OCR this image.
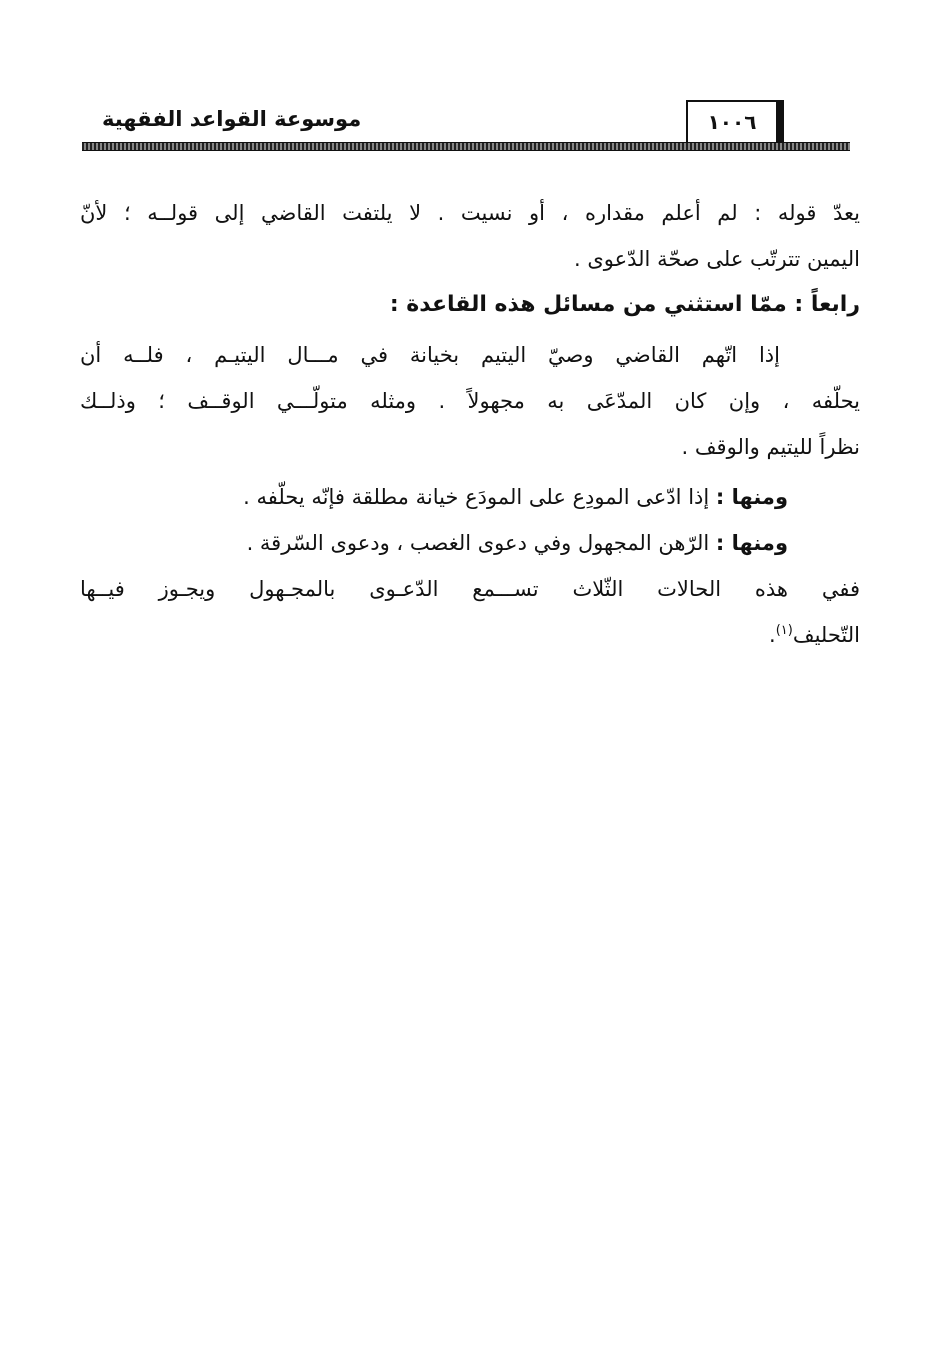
١٠٠٦
موسوعة القواعد الفقهية
يعدّ قوله : لم أعلم مقداره ، أو نسيت . لا يلتفت القاضي إلى قولــه ؛ لأنّ
اليمين تترتّب على صحّة الدّعوى .
رابعاً : ممّا استثني من مسائل هذه القاعدة :
إذا اتّهم القاضي وصيّ اليتيم بخيانة في مـــال اليتيـم ، فلــه أن
يحلّفه ، وإن كان المدّعَى به مجهولاً . ومثله متولّـــي الوقــف ؛ وذلــك
نظراً لليتيم والوقف .
ومنها : إذا ادّعى المودِع على المودَع خيانة مطلقة فإنّه يحلّفه .
ومنها : الرّهن المجهول وفي دعوى الغصب ، ودعوى السّرقة .
ففي هذه الحالات الثّلاث تســـمع الدّعـوى بالمجـهول ويجـوز فيــها
التّحليف$^{(١)}$.
